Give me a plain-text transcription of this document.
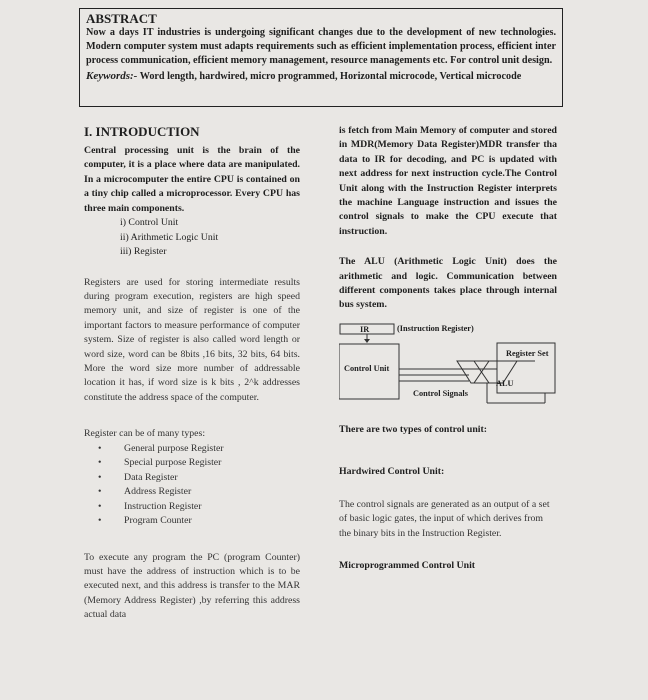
ABSTRACT

Now a days IT industries is undergoing significant changes due to the development of new technologies. Modern computer system must adapts requirements such as efficient implementation process, efficient inter process communication, efficient memory management, resource managements etc. For control unit design.

Keywords:- Word length, hardwired, micro programmed, Horizontal microcode, Vertical microcode
I. INTRODUCTION

Central processing unit is the brain of the computer, it is a place where data are manipulated. In a microcomputer the entire CPU is contained on a tiny chip called a microprocessor. Every CPU has three main components.

i) Control Unit
ii) Arithmetic Logic Unit
iii) Register

Registers are used for storing intermediate results during program execution, registers are high speed memory unit, and size of register is one of the important factors to measure performance of computer system. Size of register is also called word length or word size, word can be 8bits ,16 bits, 32 bits, 64 bits. More the word size more number of addressable location it has, if word size is k bits , 2^k addresses constitute the address space of the computer.

Register can be of many types:

• General purpose Register
• Special purpose Register
• Data Register
• Address Register
• Instruction Register
• Program Counter

To execute any program the PC (program Counter) must have the address of instruction which is to be executed next, and this address is transfer to the MAR (Memory Address Register) ,by referring this address actual data

is fetch from Main Memory of computer and stored in MDR(Memory Data Register)MDR transfer tha data to IR for decoding, and PC is updated with next address for next instruction cycle.The Control Unit along with the Instruction Register interprets the machine Language instruction and issues the control signals to make the CPU execute that instruction.

The ALU (Arithmetic Logic Unit) does the arithmetic and logic. Communication between different components takes place through internal bus system.

IR	(Instruction Register)
Register Set
Control Unit
ALU
Control Signals

There are two types of control unit:

Hardwired Control Unit:

The control signals are generated as an output of a set of basic logic gates, the input of which derives from the binary bits in the Instruction Register.

Microprogrammed Control Unit
